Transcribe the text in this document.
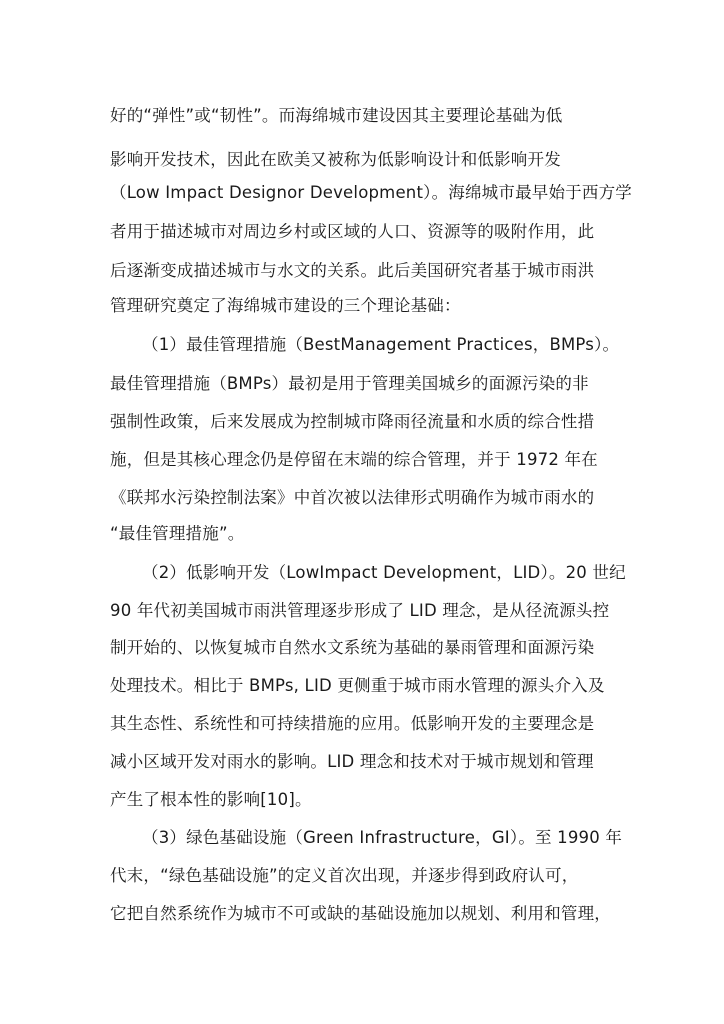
好的“弹性”或“韧性”。而海绵城市建设因其主要理论基础为低
影响开发技术，因此在欧美又被称为低影响设计和低影响开发
（Low Impact Designor Development）。海绵城市最早始于西方学
者用于描述城市对周边乡村或区域的人口、资源等的吸附作用，此
后逐渐变成描述城市与水文的关系。此后美国研究者基于城市雨洪
管理研究奠定了海绵城市建设的三个理论基础：
（1）最佳管理措施（BestManagement Practices，BMPs）。
最佳管理措施（BMPs）最初是用于管理美国城乡的面源污染的非
强制性政策，后来发展成为控制城市降雨径流量和水质的综合性措
施，但是其核心理念仍是停留在末端的综合管理，并于 1972 年在
《联邦水污染控制法案》中首次被以法律形式明确作为城市雨水的
“最佳管理措施”。
（2）低影响开发（LowImpact Development，LID）。20 世纪
90 年代初美国城市雨洪管理逐步形成了 LID 理念，是从径流源头控
制开始的、以恢复城市自然水文系统为基础的暴雨管理和面源污染
处理技术。相比于 BMPs, LID 更侧重于城市雨水管理的源头介入及
其生态性、系统性和可持续措施的应用。低影响开发的主要理念是
减小区域开发对雨水的影响。LID 理念和技术对于城市规划和管理
产生了根本性的影响[10]。
（3）绿色基础设施（Green Infrastructure，GI）。至 1990 年
代末，“绿色基础设施”的定义首次出现，并逐步得到政府认可，
它把自然系统作为城市不可或缺的基础设施加以规划、利用和管理，
